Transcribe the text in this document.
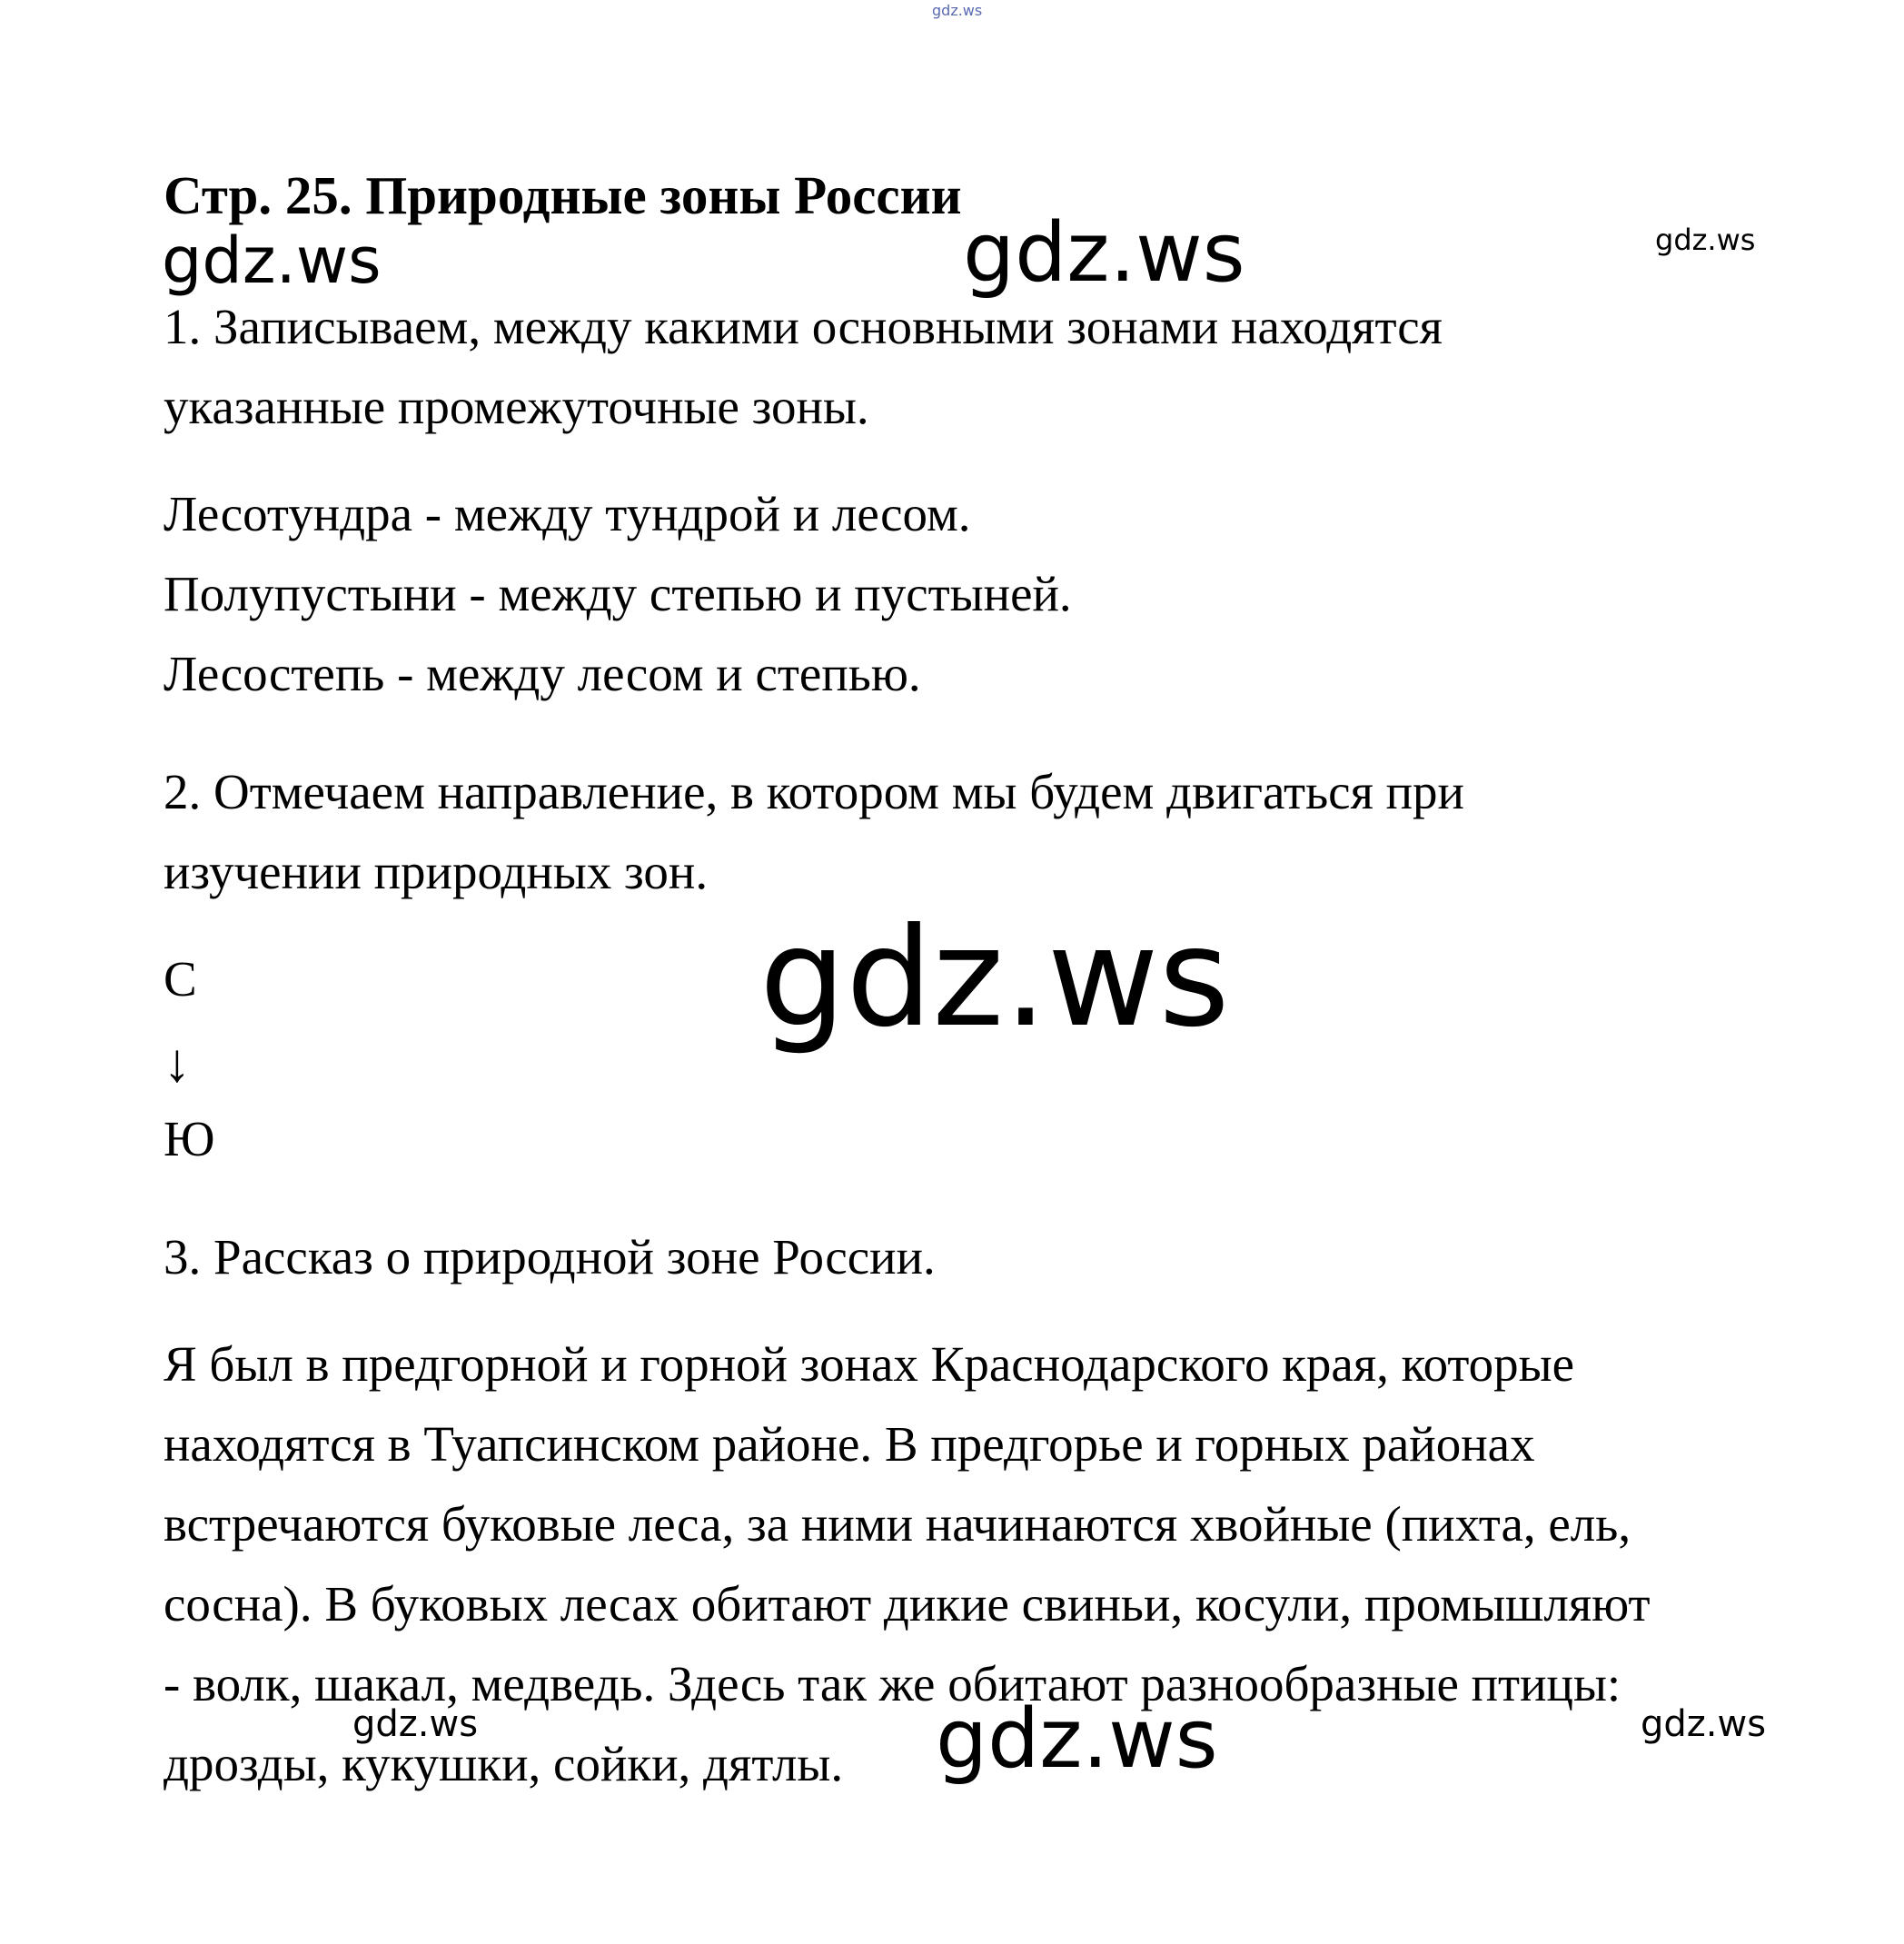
gdz.ws
gdz.ws	gdz.ws	gdz.ws
gdz.ws
gdz.ws	gdz.ws	gdz.ws
Стр. 25. Природные зоны России
1. Записываем, между какими основными зонами находятся
указанные промежуточные зоны.
Лесотундра - между тундрой и лесом.
Полупустыни - между степью и пустыней.
Лесостепь - между лесом и степью.
2. Отмечаем направление, в котором мы будем двигаться при
изучении природных зон.
С
↓
Ю
3. Рассказ о природной зоне России.
Я был в предгорной и горной зонах Краснодарского края, которые
находятся в Туапсинском районе. В предгорье и горных районах
встречаются буковые леса, за ними начинаются хвойные (пихта, ель,
сосна). В буковых лесах обитают дикие свиньи, косули, промышляют
- волк, шакал, медведь. Здесь так же обитают разнообразные птицы:
дрозды, кукушки, сойки, дятлы.
